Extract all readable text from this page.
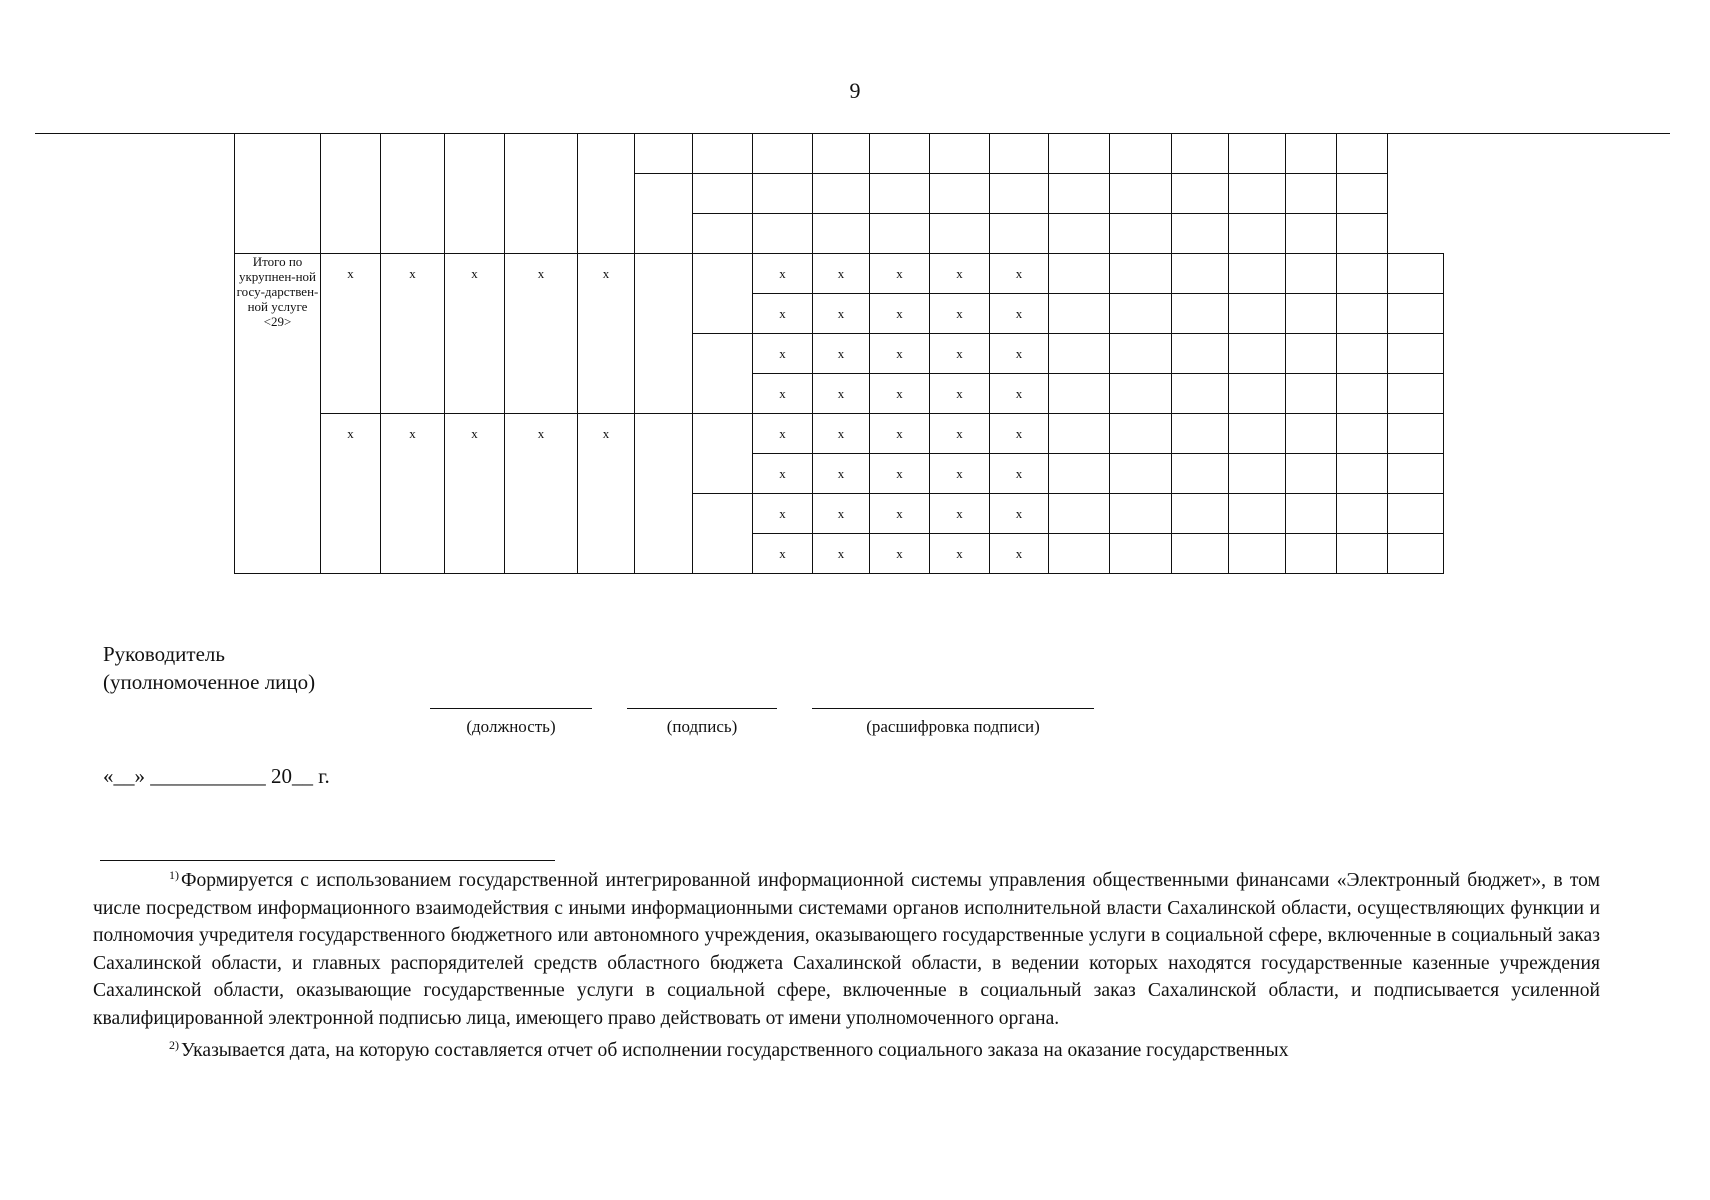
9

Итого по укрупнен-ной госу-дарствен-ной услуге <29>	x	x	x	x	x			x	x	x	x	x							
								x	x	x	x	x							
								x	x	x	x	x							
								x	x	x	x	x							
	x	x	x	x	x			x	x	x	x	x							
								x	x	x	x	x							
								x	x	x	x	x							
								x	x	x	x	x							
Руководитель
(уполномоченное лицо)
(должность)	(подпись)	(расшифровка подписи)
«__» ___________ 20__ г.

$^{1)}$ Формируется с использованием государственной интегрированной информационной системы управления общественными финансами «Электронный бюджет», в том числе посредством информационного взаимодействия с иными информационными системами органов исполнительной власти Сахалинской области, осуществляющих функции и полномочия учредителя государственного бюджетного или автономного учреждения, оказывающего государственные услуги в социальной сфере, включенные в социальный заказ Сахалинской области, и главных распорядителей средств областного бюджета Сахалинской области, в ведении которых находятся государственные казенные учреждения Сахалинской области, оказывающие государственные услуги в социальной сфере, включенные в социальный заказ Сахалинской области, и подписывается усиленной квалифицированной электронной подписью лица, имеющего право действовать от имени уполномоченного органа.

$^{2)}$ Указывается дата, на которую составляется отчет об исполнении государственного социального заказа на оказание государственных
